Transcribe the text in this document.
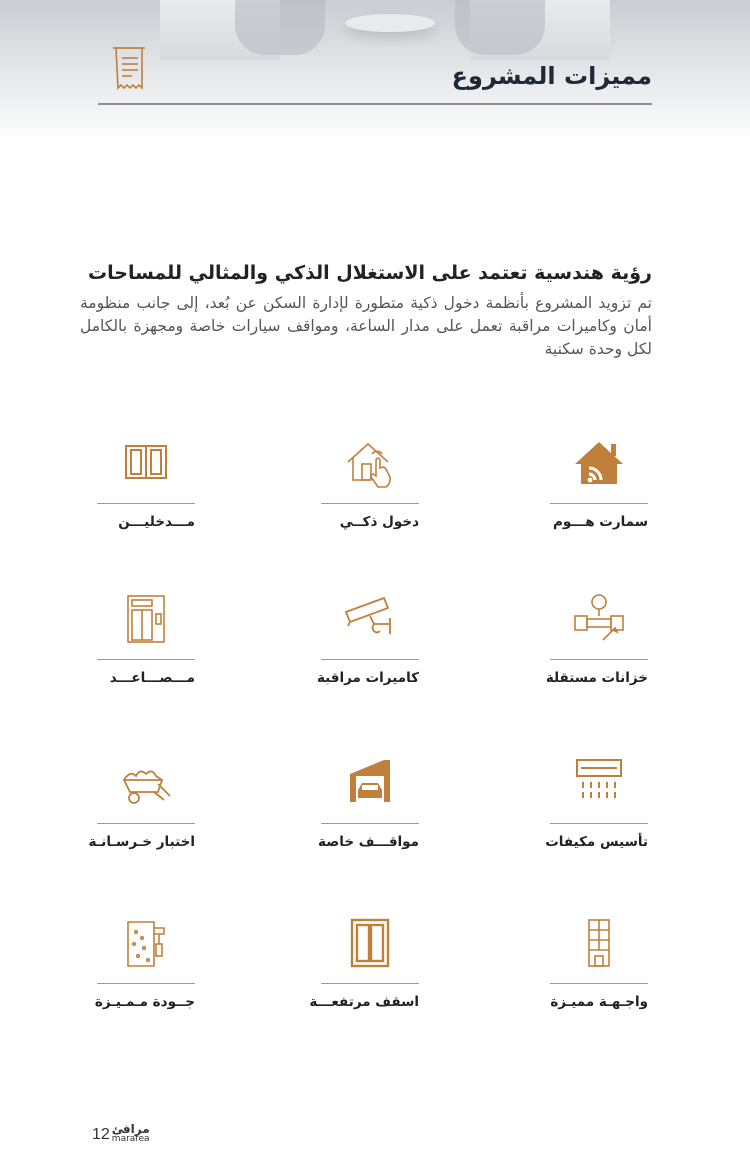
مميزات المشروع
رؤية هندسية تعتمد على الاستغلال الذكي والمثالي للمساحات
تم تزويد المشروع بأنظمة دخول ذكية متطورة لإدارة السكن عن بُعد، إلى جانب منظومة أمان وكاميرات مراقبة تعمل على مدار الساعة، ومواقف سيارات خاصة ومجهزة بالكامل لكل وحدة سكنية
سمارت هـــوم
دخول ذكــي
مـــدخليـــن
خزانات مستقلة
كاميرات مراقبة
مـــصـــاعـــد
تأسيس مكيفات
مواقـــف خاصة
اختبار خـرسـانـة
واجـهـة مميـزة
اسقف مرتفعـــة
جــودة مـمـيـزة
12 مرافئ
marafea
